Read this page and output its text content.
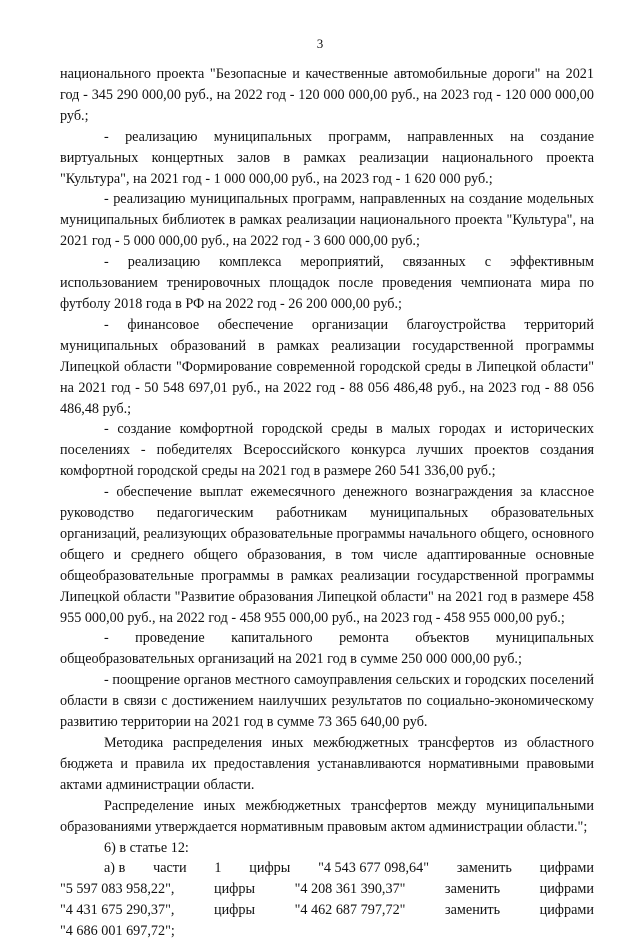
3

национального проекта "Безопасные и качественные автомобильные дороги" на 2021 год - 345 290 000,00 руб., на 2022 год - 120 000 000,00 руб., на 2023 год - 120 000 000,00 руб.;

- реализацию муниципальных программ, направленных на создание виртуальных концертных залов в рамках реализации национального проекта "Культура", на 2021 год - 1 000 000,00 руб., на 2023 год - 1 620 000 руб.;

- реализацию муниципальных программ, направленных на создание модельных муниципальных библиотек в рамках реализации национального проекта "Культура", на 2021 год - 5 000 000,00 руб., на 2022 год - 3 600 000,00 руб.;

- реализацию комплекса мероприятий, связанных с эффективным использованием тренировочных площадок после проведения чемпионата мира по футболу 2018 года в РФ на 2022 год - 26 200 000,00 руб.;

- финансовое обеспечение организации благоустройства территорий муниципальных образований в рамках реализации государственной программы Липецкой области "Формирование современной городской среды в Липецкой области" на 2021 год - 50 548 697,01 руб., на 2022 год - 88 056 486,48 руб., на 2023 год - 88 056 486,48 руб.;

- создание комфортной городской среды в малых городах и исторических поселениях - победителях Всероссийского конкурса лучших проектов создания комфортной городской среды на 2021 год в размере 260 541 336,00 руб.;

- обеспечение выплат ежемесячного денежного вознаграждения за классное руководство педагогическим работникам муниципальных образовательных организаций, реализующих образовательные программы начального общего, основного общего и среднего общего образования, в том числе адаптированные основные общеобразовательные программы в рамках реализации государственной программы Липецкой области "Развитие образования Липецкой области" на 2021 год в размере 458 955 000,00 руб., на 2022 год - 458 955 000,00 руб., на 2023 год - 458 955 000,00 руб.;

- проведение капитального ремонта объектов муниципальных общеобразовательных организаций на 2021 год в сумме 250 000 000,00 руб.;

- поощрение органов местного самоуправления сельских и городских поселений области в связи с достижением наилучших результатов по социально-экономическому развитию территории на 2021 год в сумме 73 365 640,00 руб.

Методика распределения иных межбюджетных трансфертов из областного бюджета и правила их предоставления устанавливаются нормативными правовыми актами администрации области.

Распределение иных межбюджетных трансфертов между муниципальными образованиями утверждается нормативным правовым актом администрации области.";

6) в статье 12:

а) в части 1 цифры "4 543 677 098,64" заменить цифрами
"5 597 083 958,22",	цифры	"4 208 361 390,37"	заменить	цифрами
"4 431 675 290,37",	цифры	"4 462 687 797,72"	заменить	цифрами
"4 686 001 697,72";
